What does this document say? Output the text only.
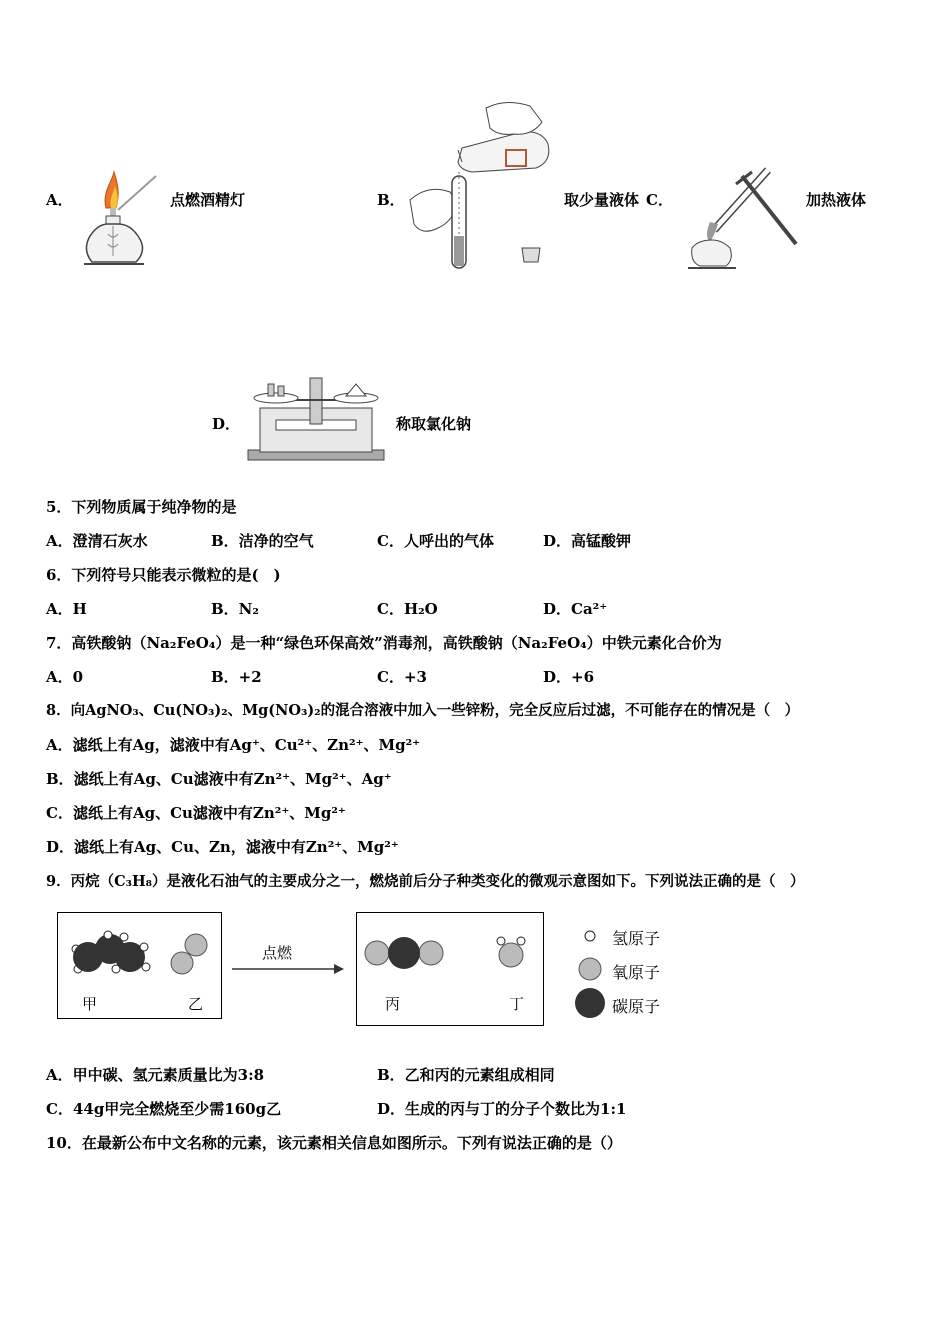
A．	点燃酒精灯	B．	取少量液体 C．	加热液体
D．	称取氯化钠
5．下列物质属于纯净物的是
A．澄清石灰水	B．洁净的空气	C．人呼出的气体	D．高锰酸钾
6．下列符号只能表示微粒的是(　)
A．H	B．N₂	C．H₂O	D．Ca²⁺
7．高铁酸钠（Na₂FeO₄）是一种“绿色环保高效”消毒剂，高铁酸钠（Na₂FeO₄）中铁元素化合价为
A．0	B．+2	C．+3	D．+6
8．向AgNO₃、Cu(NO₃)₂、Mg(NO₃)₂的混合溶液中加入一些锌粉，完全反应后过滤，不可能存在的情况是（　）
A．滤纸上有Ag，滤液中有Ag⁺、Cu²⁺、Zn²⁺、Mg²⁺
B．滤纸上有Ag、Cu滤液中有Zn²⁺、Mg²⁺、Ag⁺
C．滤纸上有Ag、Cu滤液中有Zn²⁺、Mg²⁺
D．滤纸上有Ag、Cu、Zn，滤液中有Zn²⁺、Mg²⁺
9．丙烷（C₃H₈）是液化石油气的主要成分之一，燃烧前后分子种类变化的微观示意图如下。下列说法正确的是（　）
甲	乙
点燃
丙	丁
氢原子
氧原子
碳原子
A．甲中碳、氢元素质量比为3:8	B．乙和丙的元素组成相同
C．44g甲完全燃烧至少需160g乙	D．生成的丙与丁的分子个数比为1:1
10．在最新公布中文名称的元素，该元素相关信息如图所示。下列有说法正确的是（）
